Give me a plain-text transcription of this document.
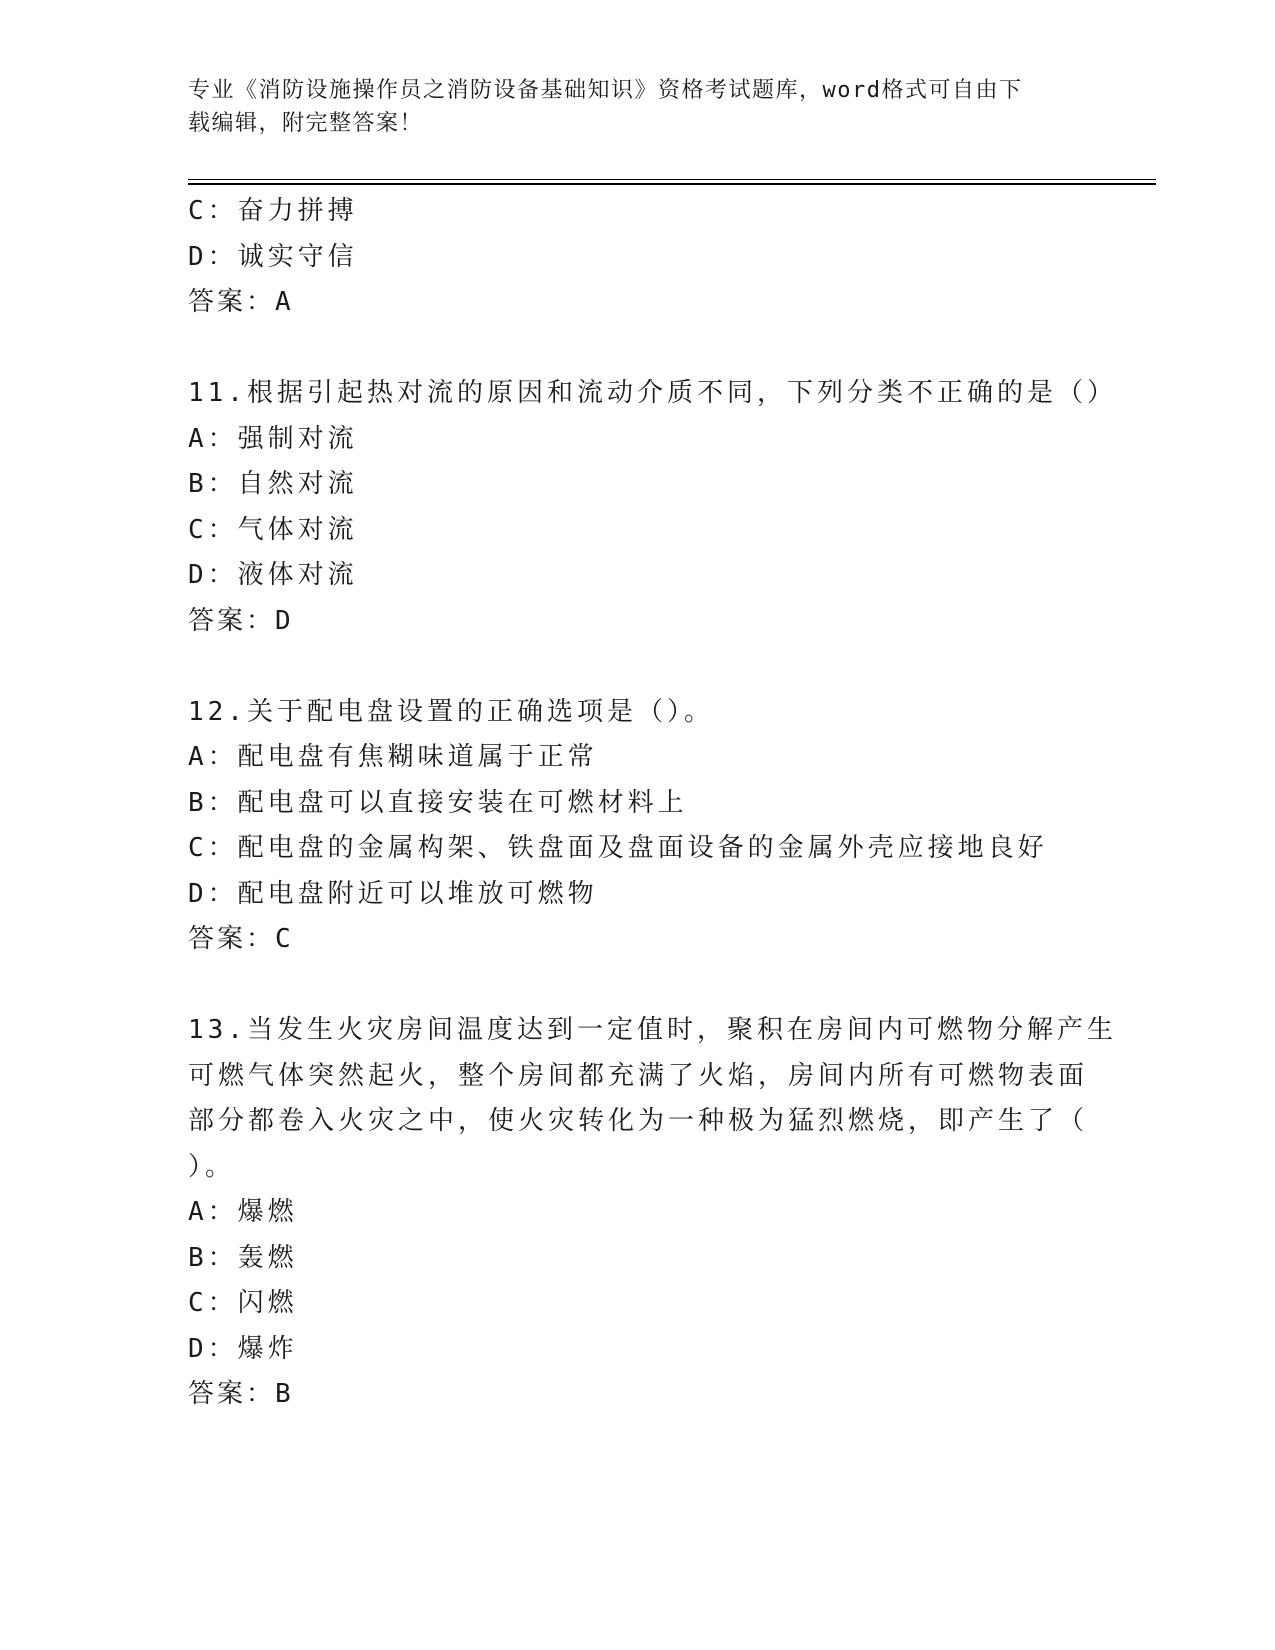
专业《消防设施操作员之消防设备基础知识》资格考试题库，word格式可自由下
载编辑，附完整答案！
C：奋力拼搏
D：诚实守信
答案：A
11.根据引起热对流的原因和流动介质不同，下列分类不正确的是（）
A：强制对流
B：自然对流
C：气体对流
D：液体对流
答案：D
12.关于配电盘设置的正确选项是（）。
A：配电盘有焦糊味道属于正常
B：配电盘可以直接安装在可燃材料上
C：配电盘的金属构架、铁盘面及盘面设备的金属外壳应接地良好
D：配电盘附近可以堆放可燃物
答案：C
13.当发生火灾房间温度达到一定值时，聚积在房间内可燃物分解产生
可燃气体突然起火，整个房间都充满了火焰，房间内所有可燃物表面
部分都卷入火灾之中，使火灾转化为一种极为猛烈燃烧，即产生了（
）。
A：爆燃
B：轰燃
C：闪燃
D：爆炸
答案：B
